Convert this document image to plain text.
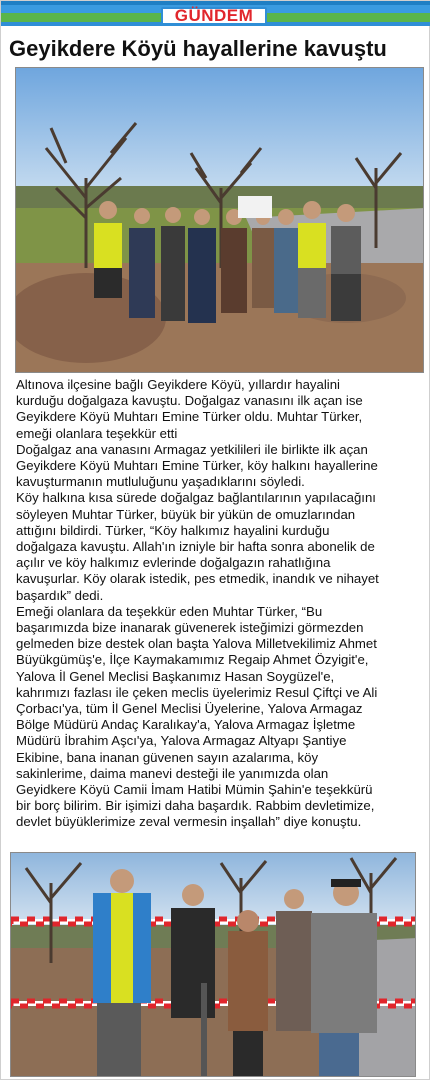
GÜNDEM
Geyikdere Köyü hayallerine kavuştu

Altınova ilçesine bağlı Geyikdere Köyü, yıllardır hayalini

kurduğu doğalgaza kavuştu. Doğalgaz vanasını ilk açan ise

Geyikdere Köyü Muhtarı Emine Türker oldu. Muhtar Türker,

emeği olanlara teşekkür etti

Doğalgaz ana vanasını Armagaz yetkilileri ile birlikte ilk açan

Geyikdere Köyü Muhtarı Emine Türker, köy halkını hayallerine

kavuşturmanın mutluluğunu yaşadıklarını söyledi.

Köy halkına kısa sürede doğalgaz bağlantılarının yapılacağını

söyleyen Muhtar Türker, büyük bir yükün de omuzlarından

attığını bildirdi. Türker, “Köy halkımız hayalini kurduğu

doğalgaza kavuştu. Allah'ın izniyle bir hafta sonra abonelik de

açılır ve köy halkımız evlerinde doğalgazın rahatlığına

kavuşurlar. Köy olarak istedik, pes etmedik, inandık ve nihayet

başardık” dedi.

Emeği olanlara da teşekkür eden Muhtar Türker, “Bu

başarımızda bize inanarak güvenerek isteğimizi görmezden

gelmeden bize destek olan başta Yalova Milletvekilimiz Ahmet

Büyükgümüş'e, İlçe Kaymakamımız Regaip Ahmet Özyigit'e,

Yalova İl Genel Meclisi Başkanımız Hasan Soygüzel'e,

kahrımızı fazlası ile çeken meclis üyelerimiz Resul Çiftçi ve Ali

Çorbacı'ya, tüm İl Genel Meclisi Üyelerine, Yalova Armagaz

Bölge Müdürü Andaç Karalıkay'a, Yalova Armagaz İşletme

Müdürü İbrahim Aşcı'ya, Yalova Armagaz Altyapı Şantiye

Ekibine, bana inanan güvenen sayın azalarıma, köy

sakinlerime, daima manevi desteği ile yanımızda olan

Geyidkere Köyü Camii İmam Hatibi Mümin Şahin'e teşekkürü

bir borç bilirim. Bir işimizi daha başardık. Rabbim devletimize,

devlet büyüklerimize zeval vermesin inşallah” diye konuştu.
